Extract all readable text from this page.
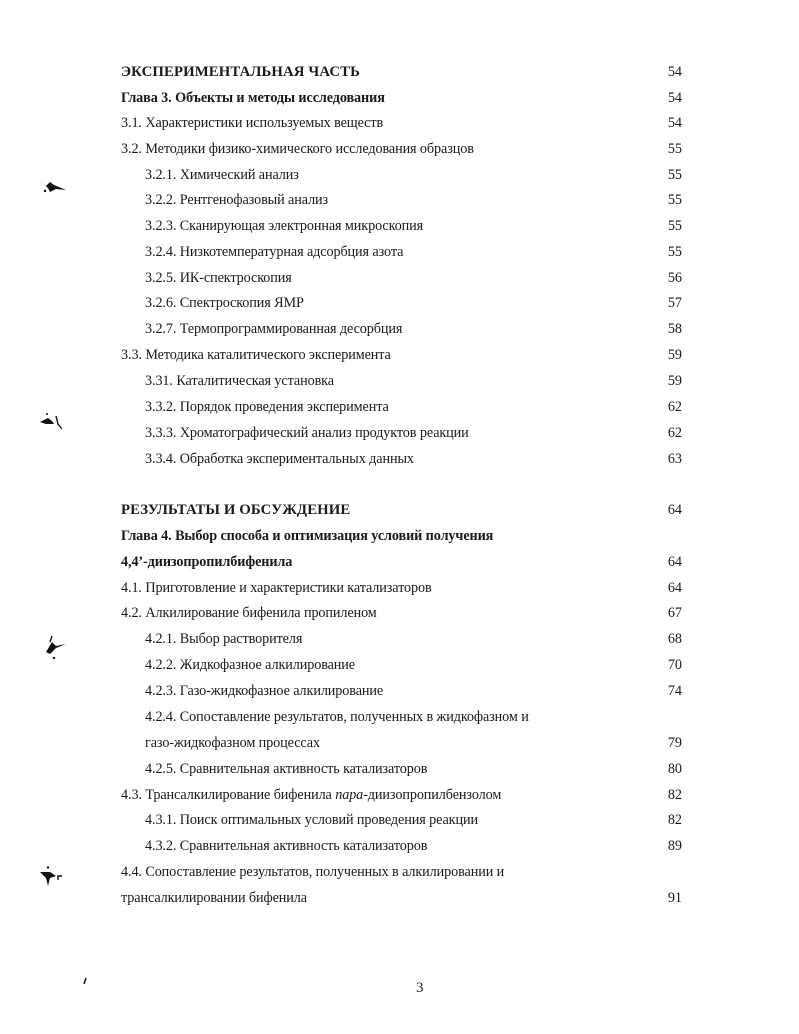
ЭКСПЕРИМЕНТАЛЬНАЯ ЧАСТЬ	54
Глава 3. Объекты и методы исследования	54
3.1. Характеристики используемых веществ	54
3.2. Методики физико-химического исследования образцов	55
3.2.1. Химический анализ	55
3.2.2. Рентгенофазовый анализ	55
3.2.3. Сканирующая электронная микроскопия	55
3.2.4. Низкотемпературная адсорбция азота	55
3.2.5. ИК-спектроскопия	56
3.2.6. Спектроскопия ЯМР	57
3.2.7. Термопрограммированная десорбция	58
3.3. Методика каталитического эксперимента	59
3.31. Каталитическая установка	59
3.3.2. Порядок проведения эксперимента	62
3.3.3. Хроматографический анализ продуктов реакции	62
3.3.4. Обработка экспериментальных данных	63
РЕЗУЛЬТАТЫ И ОБСУЖДЕНИЕ	64
Глава 4. Выбор способа и оптимизация условий получения
4,4’-диизопропилбифенила	64
4.1. Приготовление и характеристики катализаторов	64
4.2. Алкилирование бифенила пропиленом	67
4.2.1. Выбор растворителя	68
4.2.2. Жидкофазное алкилирование	70
4.2.3. Газо-жидкофазное алкилирование	74
4.2.4. Сопоставление результатов, полученных в жидкофазном и
газо-жидкофазном процессах	79
4.2.5. Сравнительная активность катализаторов	80
4.3. Трансалкилирование бифенила пара-диизопропилбензолом	82
4.3.1. Поиск оптимальных условий проведения реакции	82
4.3.2. Сравнительная активность катализаторов	89
4.4. Сопоставление результатов, полученных в алкилировании и
трансалкилировании бифенила	91
3
